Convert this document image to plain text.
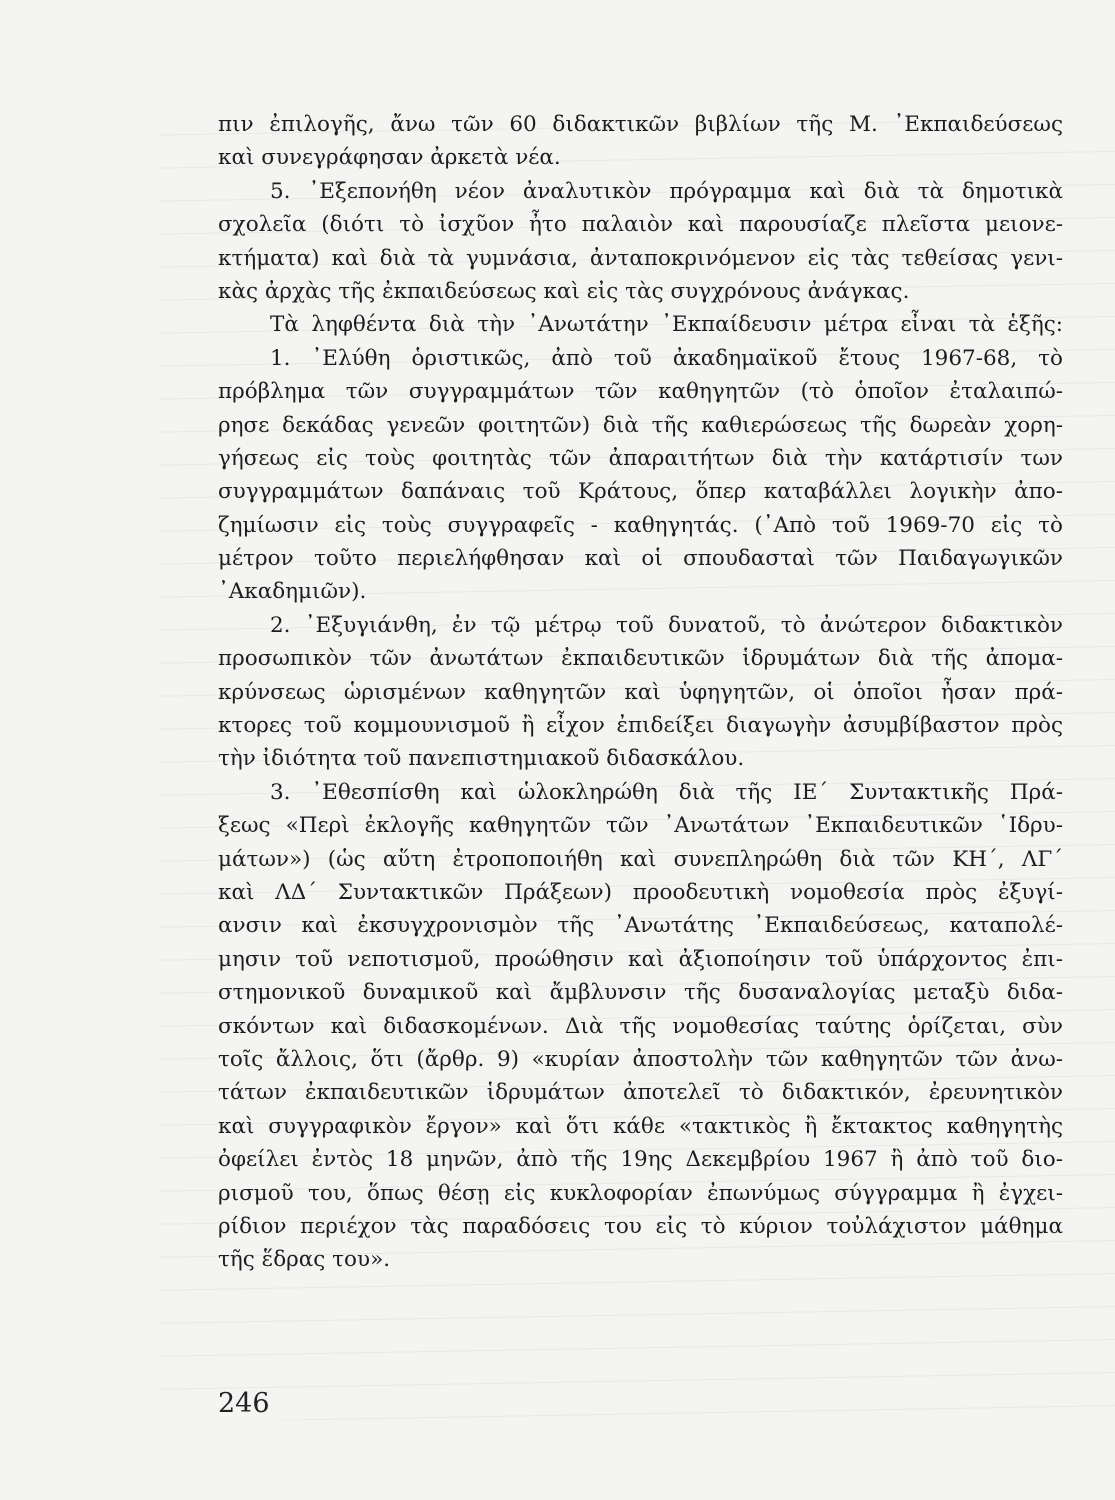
πιν ἐπιλογῆς, ἄνω τῶν 60 διδακτικῶν βιβλίων τῆς Μ. ᾿Εκπαιδεύσεως
καὶ συνεγράφησαν ἀρκετὰ νέα.
5. ᾿Εξεπονήθη νέον ἀναλυτικὸν πρόγραμμα καὶ διὰ τὰ δημοτικὰ
σχολεῖα (διότι τὸ ἰσχῦον ἦτο παλαιὸν καὶ παρουσίαζε πλεῖστα μειονε-
κτήματα) καὶ διὰ τὰ γυμνάσια, ἀνταποκρινόμενον εἰς τὰς τεθείσας γενι-
κὰς ἀρχὰς τῆς ἐκπαιδεύσεως καὶ εἰς τὰς συγχρόνους ἀνάγκας.
Τὰ ληφθέντα διὰ τὴν ᾿Ανωτάτην ᾿Εκπαίδευσιν μέτρα εἶναι τὰ ἑξῆς:
1. ᾿Ελύθη ὁριστικῶς, ἀπὸ τοῦ ἀκαδημαϊκοῦ ἔτους 1967-68, τὸ
πρόβλημα τῶν συγγραμμάτων τῶν καθηγητῶν (τὸ ὁποῖον ἐταλαιπώ-
ρησε δεκάδας γενεῶν φοιτητῶν) διὰ τῆς καθιερώσεως τῆς δωρεὰν χορη-
γήσεως εἰς τοὺς φοιτητὰς τῶν ἀπαραιτήτων διὰ τὴν κατάρτισίν των
συγγραμμάτων δαπάναις τοῦ Κράτους, ὅπερ καταβάλλει λογικὴν ἀπο-
ζημίωσιν εἰς τοὺς συγγραφεῖς - καθηγητάς. (᾿Απὸ τοῦ 1969-70 εἰς τὸ
μέτρον τοῦτο περιελήφθησαν καὶ οἱ σπουδασταὶ τῶν Παιδαγωγικῶν
᾿Ακαδημιῶν).
2. ᾿Εξυγιάνθη, ἐν τῷ μέτρῳ τοῦ δυνατοῦ, τὸ ἀνώτερον διδακτικὸν
προσωπικὸν τῶν ἀνωτάτων ἐκπαιδευτικῶν ἱδρυμάτων διὰ τῆς ἀπομα-
κρύνσεως ὡρισμένων καθηγητῶν καὶ ὑφηγητῶν, οἱ ὁποῖοι ἦσαν πρά-
κτορες τοῦ κομμουνισμοῦ ἢ εἶχον ἐπιδείξει διαγωγὴν ἀσυμβίβαστον πρὸς
τὴν ἰδιότητα τοῦ πανεπιστημιακοῦ διδασκάλου.
3. ᾿Εθεσπίσθη καὶ ὡλοκληρώθη διὰ τῆς ΙΕ΄ Συντακτικῆς Πρά-
ξεως «Περὶ ἐκλογῆς καθηγητῶν τῶν ᾿Ανωτάτων ᾿Εκπαιδευτικῶν ῾Ιδρυ-
μάτων») (ὡς αὕτη ἐτροποποιήθη καὶ συνεπληρώθη διὰ τῶν ΚΗ΄, ΛΓ΄
καὶ ΛΔ΄ Συντακτικῶν Πράξεων) προοδευτικὴ νομοθεσία πρὸς ἐξυγί-
ανσιν καὶ ἐκσυγχρονισμὸν τῆς ᾿Ανωτάτης ᾿Εκπαιδεύσεως, καταπολέ-
μησιν τοῦ νεποτισμοῦ, προώθησιν καὶ ἀξιοποίησιν τοῦ ὑπάρχοντος ἐπι-
στημονικοῦ δυναμικοῦ καὶ ἄμβλυνσιν τῆς δυσαναλογίας μεταξὺ διδα-
σκόντων καὶ διδασκομένων. Διὰ τῆς νομοθεσίας ταύτης ὁρίζεται, σὺν
τοῖς ἄλλοις, ὅτι (ἄρθρ. 9) «κυρίαν ἀποστολὴν τῶν καθηγητῶν τῶν ἀνω-
τάτων ἐκπαιδευτικῶν ἱδρυμάτων ἀποτελεῖ τὸ διδακτικόν, ἐρευνητικὸν
καὶ συγγραφικὸν ἔργον» καὶ ὅτι κάθε «τακτικὸς ἢ ἔκτακτος καθηγητὴς
ὀφείλει ἐντὸς 18 μηνῶν, ἀπὸ τῆς 19ης Δεκεμβρίου 1967 ἢ ἀπὸ τοῦ διο-
ρισμοῦ του, ὅπως θέσῃ εἰς κυκλοφορίαν ἐπωνύμως σύγγραμμα ἢ ἐγχει-
ρίδιον περιέχον τὰς παραδόσεις του εἰς τὸ κύριον τοὐλάχιστον μάθημα
τῆς ἕδρας του».
246
